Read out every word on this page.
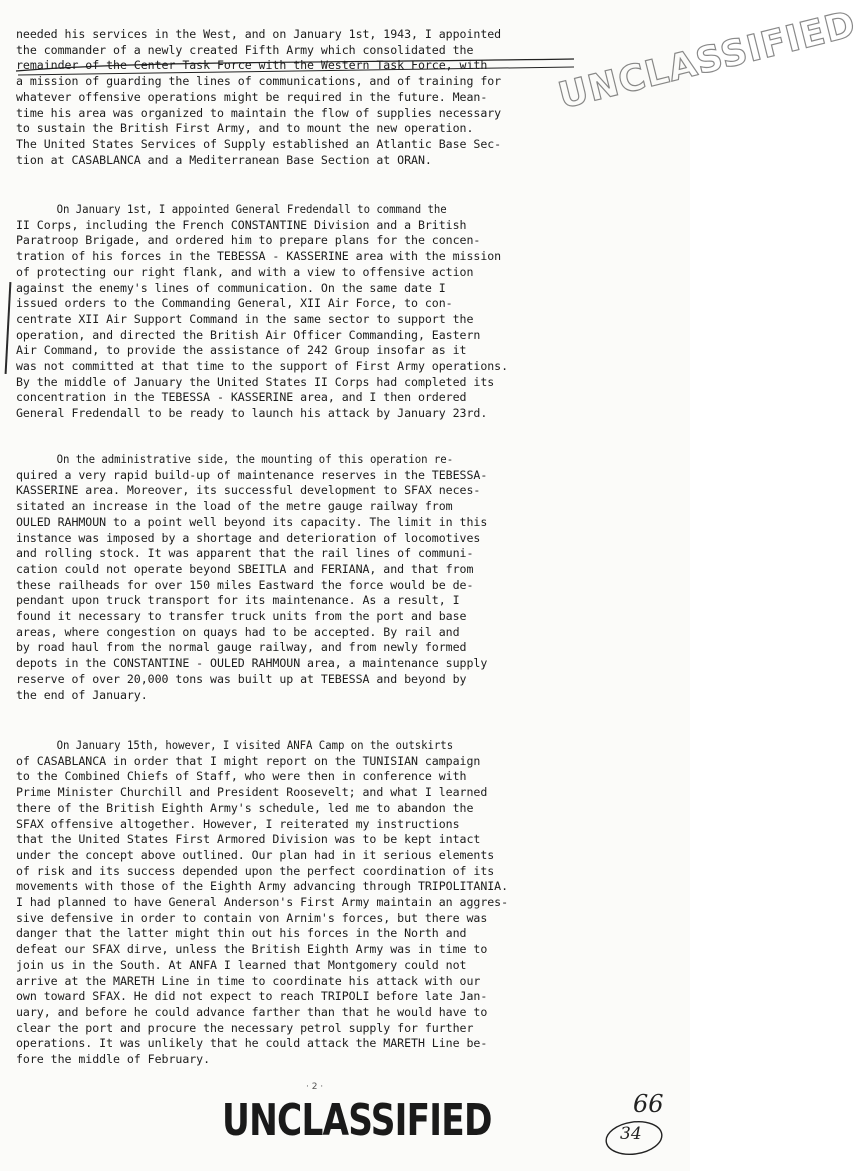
UNCLASSIFIED
needed his services in the West, and on January 1st, 1943, I appointed
the commander of a newly created Fifth Army which consolidated the
remainder of the Center Task Force with the Western Task Force, with
a mission of guarding the lines of communications, and of training for
whatever offensive operations might be required in the future. Mean-
time his area was organized to maintain the flow of supplies necessary
to sustain the British First Army, and to mount the new operation.
The United States Services of Supply established an Atlantic Base Sec-
tion at CASABLANCA and a Mediterranean Base Section at ORAN.
On January 1st, I appointed General Fredendall to command the
II Corps, including the French CONSTANTINE Division and a British
Paratroop Brigade, and ordered him to prepare plans for the concen-
tration of his forces in the TEBESSA - KASSERINE area with the mission
of protecting our right flank, and with a view to offensive action
against the enemy's lines of communication. On the same date I
issued orders to the Commanding General, XII Air Force, to con-
centrate XII Air Support Command in the same sector to support the
operation, and directed the British Air Officer Commanding, Eastern
Air Command, to provide the assistance of 242 Group insofar as it
was not committed at that time to the support of First Army operations.
By the middle of January the United States II Corps had completed its
concentration in the TEBESSA - KASSERINE area, and I then ordered
General Fredendall to be ready to launch his attack by January 23rd.
On the administrative side, the mounting of this operation re-
quired a very rapid build-up of maintenance reserves in the TEBESSA-
KASSERINE area. Moreover, its successful development to SFAX neces-
sitated an increase in the load of the metre gauge railway from
OULED RAHMOUN to a point well beyond its capacity. The limit in this
instance was imposed by a shortage and deterioration of locomotives
and rolling stock. It was apparent that the rail lines of communi-
cation could not operate beyond SBEITLA and FERIANA, and that from
these railheads for over 150 miles Eastward the force would be de-
pendant upon truck transport for its maintenance. As a result, I
found it necessary to transfer truck units from the port and base
areas, where congestion on quays had to be accepted. By rail and
by road haul from the normal gauge railway, and from newly formed
depots in the CONSTANTINE - OULED RAHMOUN area, a maintenance supply
reserve of over 20,000 tons was built up at TEBESSA and beyond by
the end of January.
On January 15th, however, I visited ANFA Camp on the outskirts
of CASABLANCA in order that I might report on the TUNISIAN campaign
to the Combined Chiefs of Staff, who were then in conference with
Prime Minister Churchill and President Roosevelt; and what I learned
there of the British Eighth Army's schedule, led me to abandon the
SFAX offensive altogether. However, I reiterated my instructions
that the United States First Armored Division was to be kept intact
under the concept above outlined. Our plan had in it serious elements
of risk and its success depended upon the perfect coordination of its
movements with those of the Eighth Army advancing through TRIPOLITANIA.
I had planned to have General Anderson's First Army maintain an aggres-
sive defensive in order to contain von Arnim's forces, but there was
danger that the latter might thin out his forces in the North and
defeat our SFAX dirve, unless the British Eighth Army was in time to
join us in the South. At ANFA I learned that Montgomery could not
arrive at the MARETH Line in time to coordinate his attack with our
own toward SFAX. He did not expect to reach TRIPOLI before late Jan-
uary, and before he could advance farther than that he would have to
clear the port and procure the necessary petrol supply for further
operations. It was unlikely that he could attack the MARETH Line be-
fore the middle of February.
· 2 ·
UNCLASSIFIED	66
34
